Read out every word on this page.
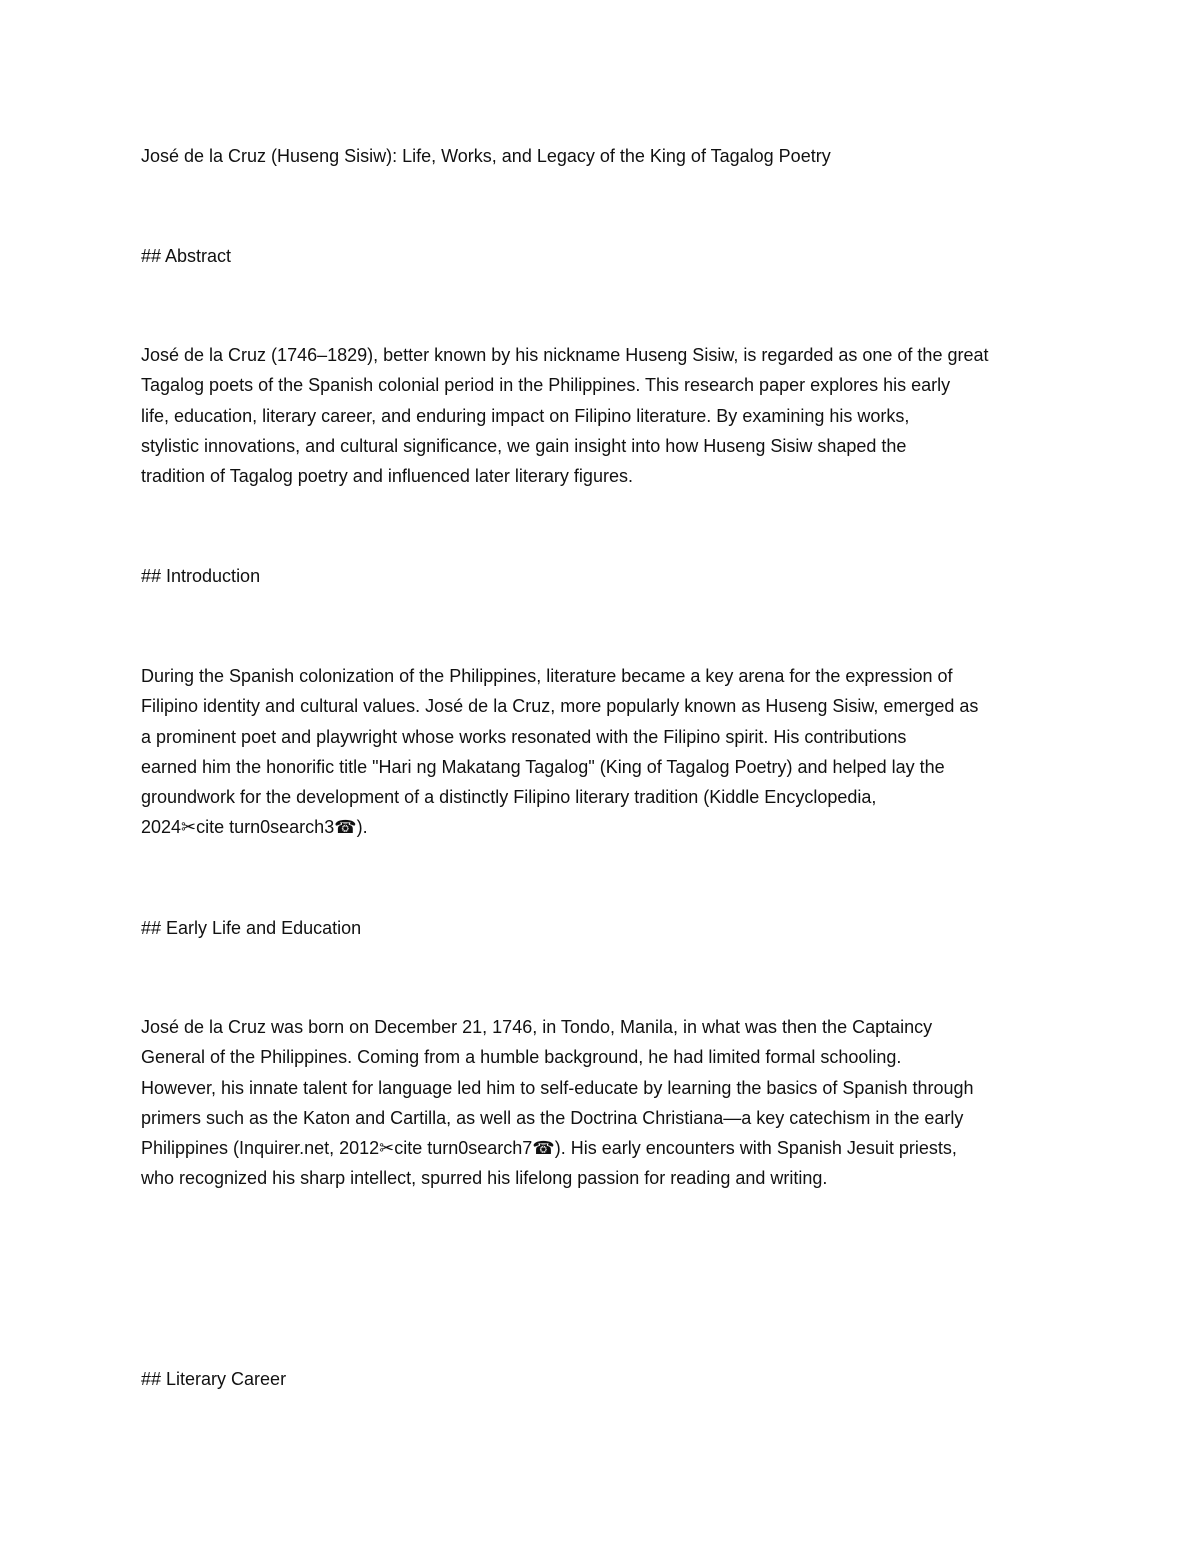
José de la Cruz (Huseng Sisiw): Life, Works, and Legacy of the King of Tagalog Poetry
## Abstract
José de la Cruz (1746–1829), better known by his nickname Huseng Sisiw, is regarded as one of the great
Tagalog poets of the Spanish colonial period in the Philippines. This research paper explores his early
life, education, literary career, and enduring impact on Filipino literature. By examining his works,
stylistic innovations, and cultural significance, we gain insight into how Huseng Sisiw shaped the
tradition of Tagalog poetry and influenced later literary figures.
## Introduction
During the Spanish colonization of the Philippines, literature became a key arena for the expression of
Filipino identity and cultural values. José de la Cruz, more popularly known as Huseng Sisiw, emerged as
a prominent poet and playwright whose works resonated with the Filipino spirit. His contributions
earned him the honorific title "Hari ng Makatang Tagalog" (King of Tagalog Poetry) and helped lay the
groundwork for the development of a distinctly Filipino literary tradition (Kiddle Encyclopedia,
2024✂cite turn0search3☎).
## Early Life and Education
José de la Cruz was born on December 21, 1746, in Tondo, Manila, in what was then the Captaincy
General of the Philippines. Coming from a humble background, he had limited formal schooling.
However, his innate talent for language led him to self-educate by learning the basics of Spanish through
primers such as the Katon and Cartilla, as well as the Doctrina Christiana—a key catechism in the early
Philippines (Inquirer.net, 2012✂cite turn0search7☎). His early encounters with Spanish Jesuit priests,
who recognized his sharp intellect, spurred his lifelong passion for reading and writing.
## Literary Career
